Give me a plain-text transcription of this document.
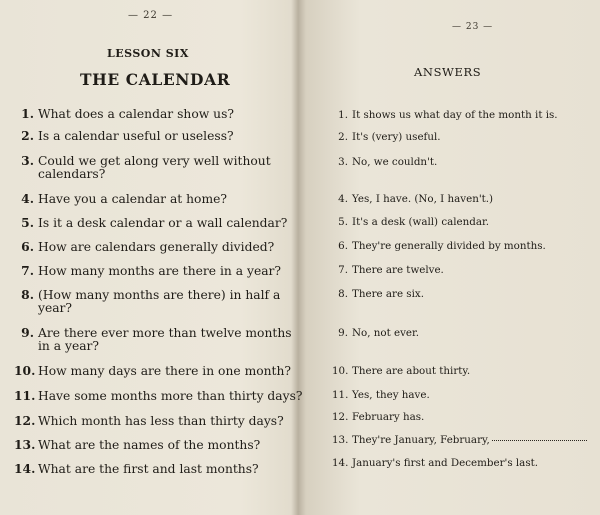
— 22 —
LESSON SIX
THE CALENDAR
1. What does a calendar show us?
2. Is a calendar useful or useless?
3. Could we get along very well without
calendars?
4. Have you a calendar at home?
5. Is it a desk calendar or a wall calendar?
6. How are calendars generally divided?
7. How many months are there in a year?
8. (How many months are there) in half a
year?
9. Are there ever more than twelve months
in a year?
10. How many days are there in one month?
11. Have some months more than thirty days?
12. Which month has less than thirty days?
13. What are the names of the months?
14. What are the first and last months?
— 23 —
ANSWERS
1. It shows us what day of the month it is.
2. It's (very) useful.
3. No, we couldn't.
4. Yes, I have. (No, I haven't.)
5. It's a desk (wall) calendar.
6. They're generally divided by months.
7. There are twelve.
8. There are six.
9. No, not ever.
10. There are about thirty.
11. Yes, they have.
12. February has.
13. They're January, February,
14. January's first and December's last.
